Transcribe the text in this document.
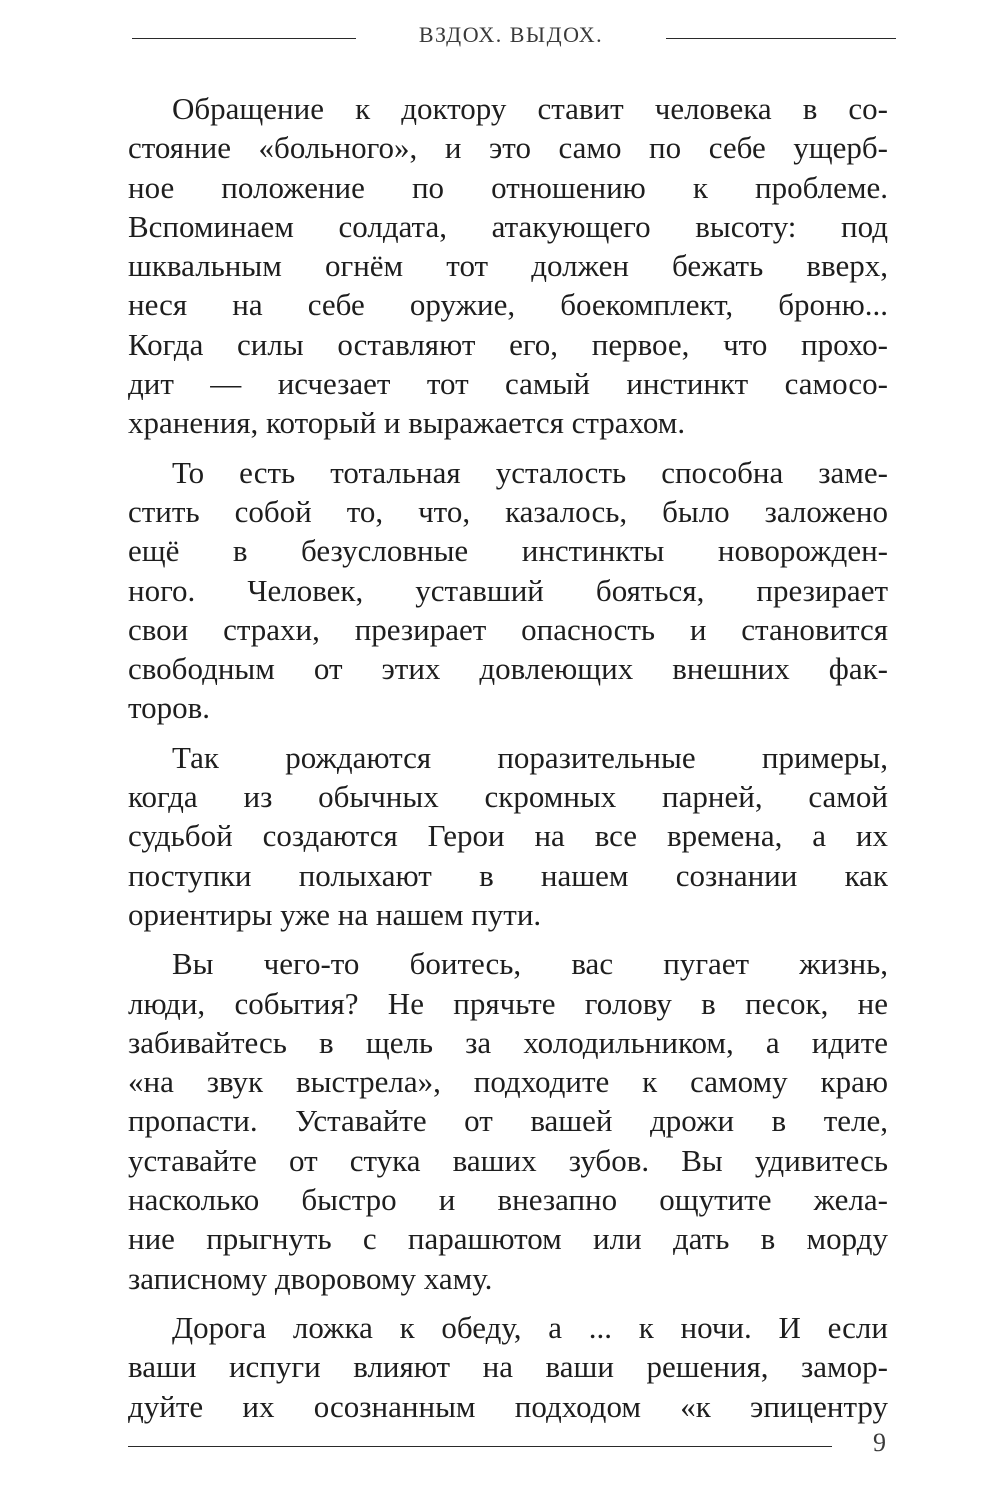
ВЗДОХ. ВЫДОХ.
Обращение к доктору ставит человека в со-
стояние «больного», и это само по себе ущерб-
ное положение по отношению к проблеме.
Вспоминаем солдата, атакующего высоту: под
шквальным огнём тот должен бежать вверх,
неся на себе оружие, боекомплект, броню...
Когда силы оставляют его, первое, что прохо-
дит — исчезает тот самый инстинкт самосо-
хранения, который и выражается страхом.
То есть тотальная усталость способна заме-
стить собой то, что, казалось, было заложено
ещё в безусловные инстинкты новорожден-
ного. Человек, уставший бояться, презирает
свои страхи, презирает опасность и становится
свободным от этих довлеющих внешних фак-
торов.
Так рождаются поразительные примеры,
когда из обычных скромных парней, самой
судьбой создаются Герои на все времена, а их
поступки полыхают в нашем сознании как
ориентиры уже на нашем пути.
Вы чего-то боитесь, вас пугает жизнь,
люди, события? Не прячьте голову в песок, не
забивайтесь в щель за холодильником, а идите
«на звук выстрела», подходите к самому краю
пропасти. Уставайте от вашей дрожи в теле,
уставайте от стука ваших зубов. Вы удивитесь
насколько быстро и внезапно ощутите жела-
ние прыгнуть с парашютом или дать в морду
записному дворовому хаму.
Дорога ложка к обеду, а ... к ночи. И если
ваши испуги влияют на ваши решения, замор-
дуйте их осознанным подходом «к эпицентру
9
